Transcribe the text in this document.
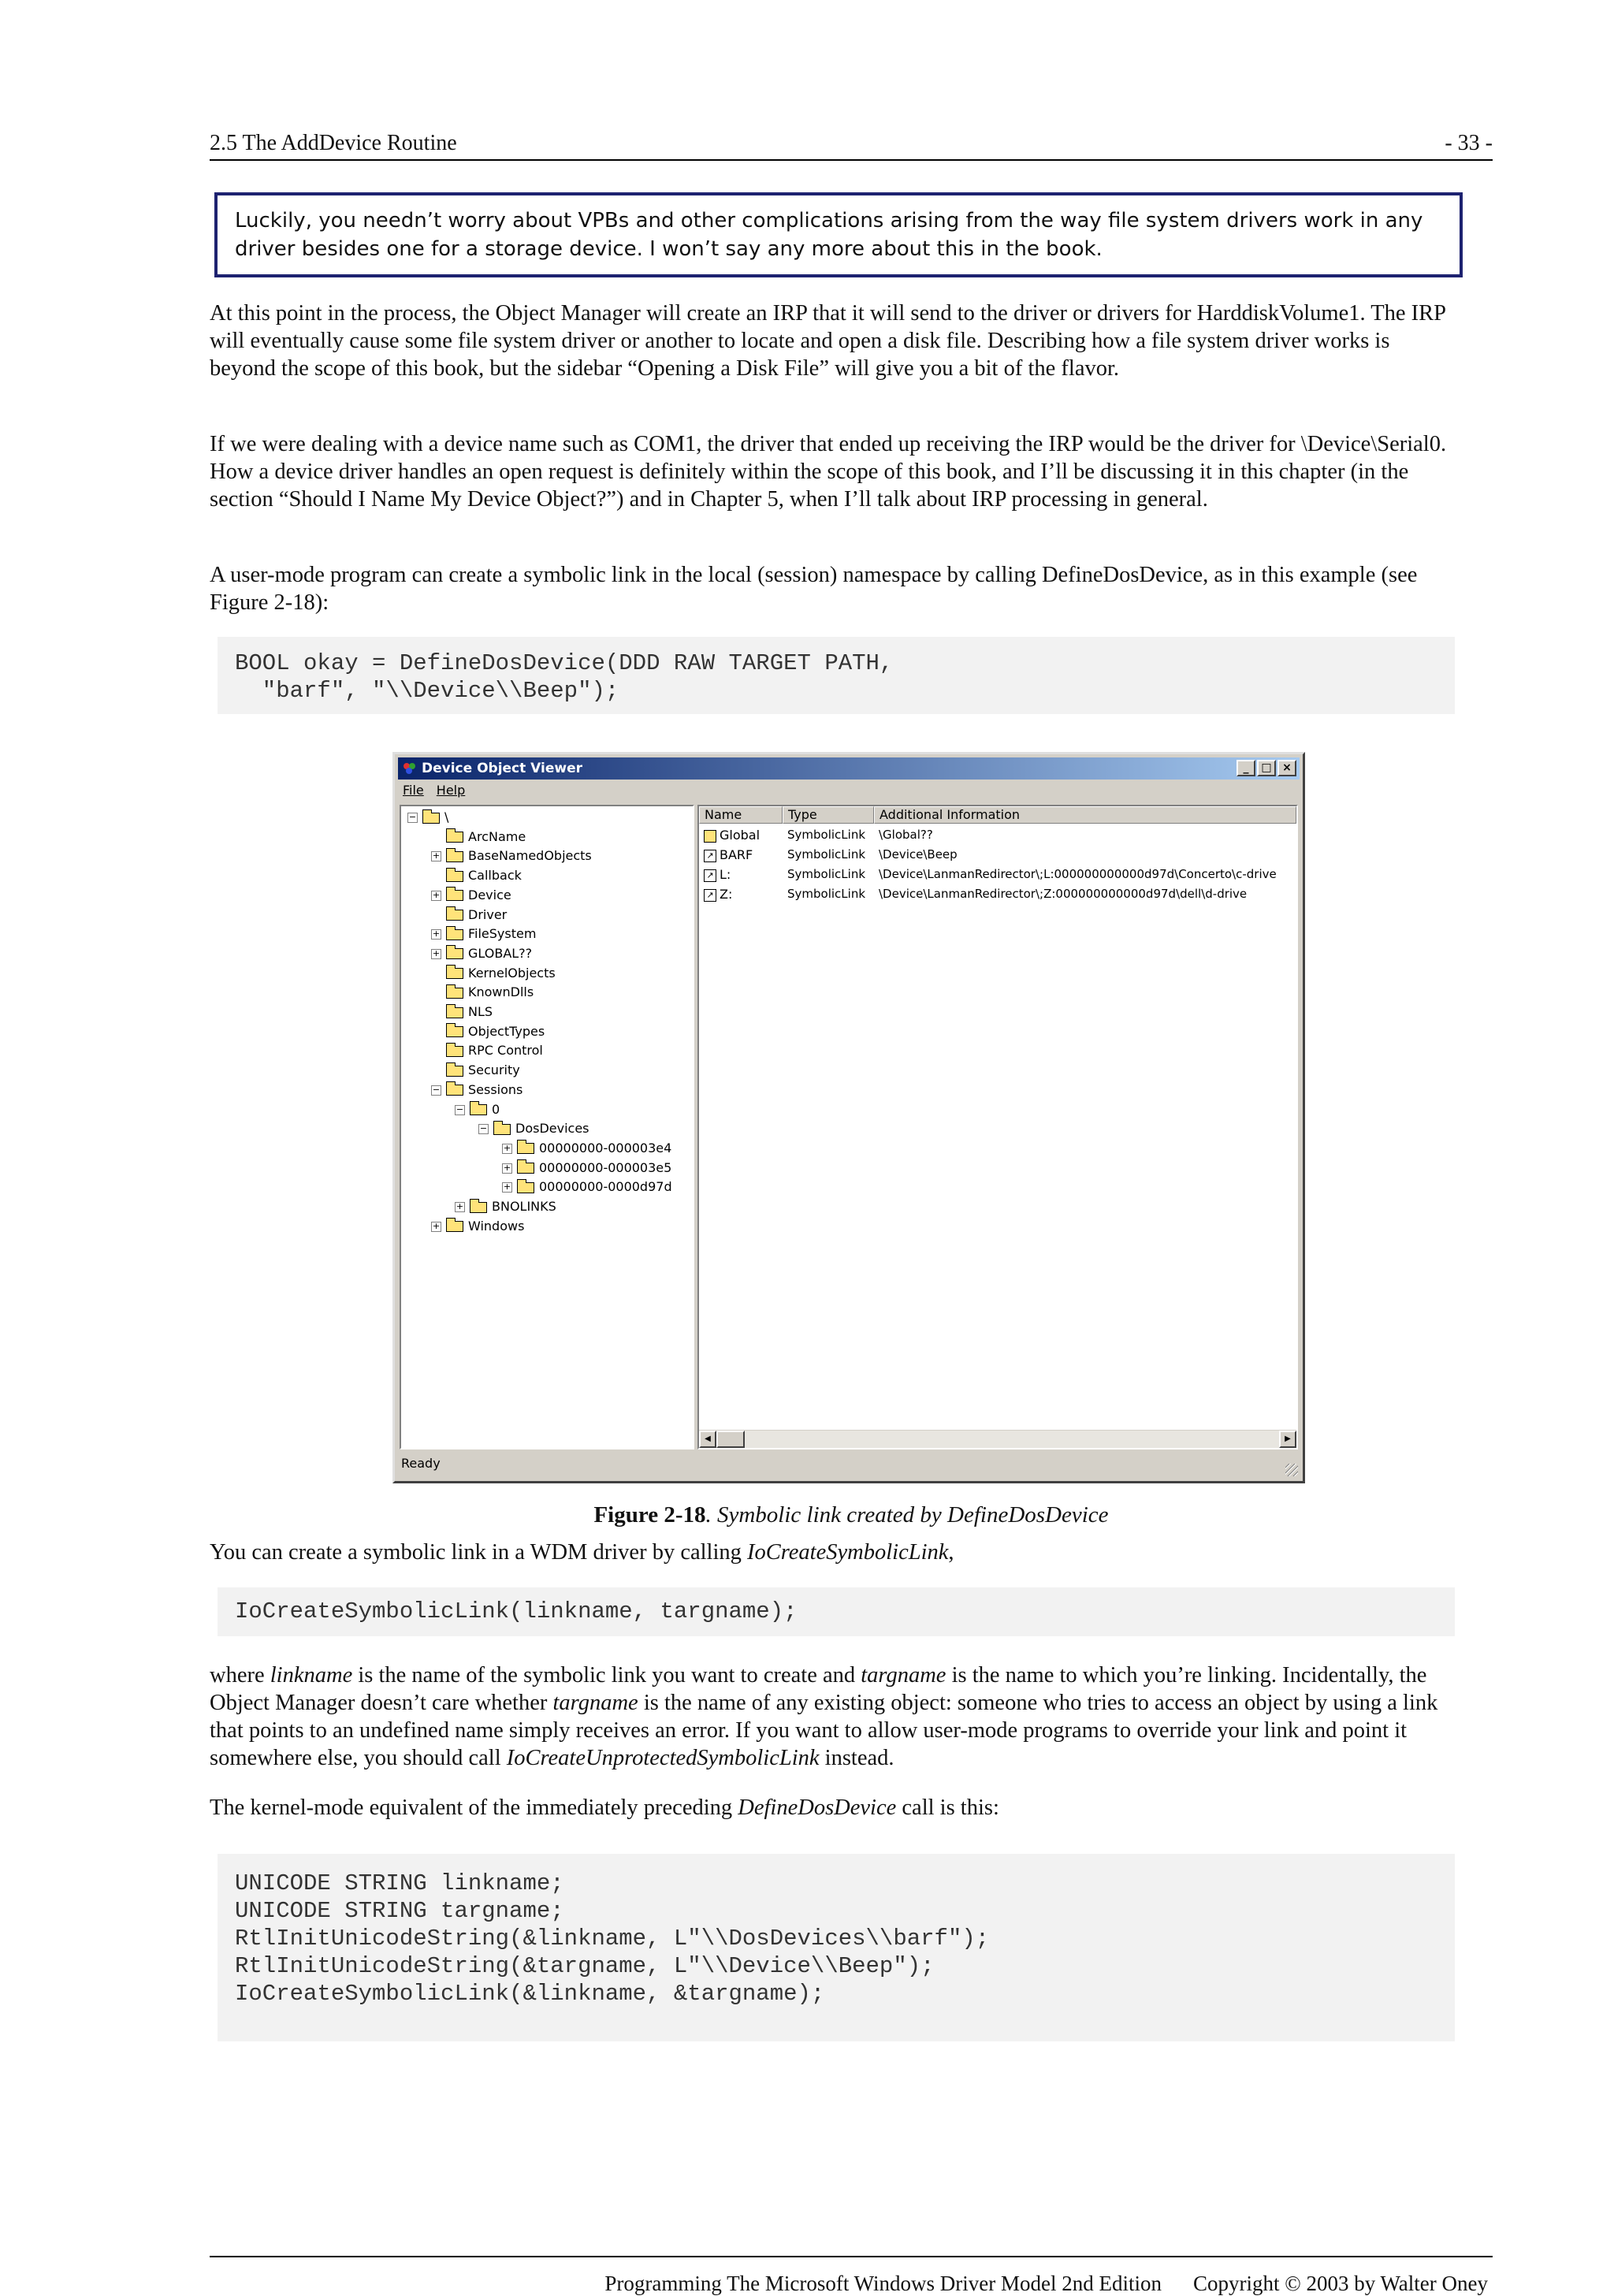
2.5 The AddDevice Routine	- 33 -
Luckily, you needn’t worry about VPBs and other complications arising from the way file system drivers work in any driver besides one for a storage device. I won’t say any more about this in the book.

At this point in the process, the Object Manager will create an IRP that it will send to the driver or drivers for HarddiskVolume1. The IRP will eventually cause some file system driver or another to locate and open a disk file. Describing how a file system driver works is beyond the scope of this book, but the sidebar “Opening a Disk File” will give you a bit of the flavor.

If we were dealing with a device name such as COM1, the driver that ended up receiving the IRP would be the driver for \Device\Serial0. How a device driver handles an open request is definitely within the scope of this book, and I’ll be discussing it in this chapter (in the section “Should I Name My Device Object?”) and in Chapter 5, when I’ll talk about IRP processing in general.

A user-mode program can create a symbolic link in the local (session) namespace by calling DefineDosDevice, as in this example (see Figure 2-18):

BOOL okay = DefineDosDevice(DDD RAW TARGET PATH,
"barf", "\\Device\\Beep");
Device Object Viewer	_	□ ×
File Help
− \
ArcName
+ BaseNamedObjects
Callback
+ Device
Driver
+ FileSystem
+ GLOBAL??
KernelObjects
KnownDlls
NLS
ObjectTypes
RPC Control
Security
− Sessions
− 0
− DosDevices
+ 00000000-000003e4
+ 00000000-000003e5
+ 00000000-0000d97d
+ BNOLINKS
+ Windows
Name	Type	Additional Information
Global	SymbolicLink	\Global??
↗ BARF	SymbolicLink	\Device\Beep
↗ L:	SymbolicLink	\Device\LanmanRedirector\;L:000000000000d97d\Concerto\c-drive
↗ Z:	SymbolicLink	\Device\LanmanRedirector\;Z:000000000000d97d\dell\d-drive
◀	▶
Ready
Figure 2-18. Symbolic link created by DefineDosDevice

You can create a symbolic link in a WDM driver by calling IoCreateSymbolicLink,

IoCreateSymbolicLink(linkname, targname);

where linkname is the name of the symbolic link you want to create and targname is the name to which you’re linking. Incidentally, the Object Manager doesn’t care whether targname is the name of any existing object: someone who tries to access an object by using a link that points to an undefined name simply receives an error. If you want to allow user-mode programs to override your link and point it somewhere else, you should call IoCreateUnprotectedSymbolicLink instead.

The kernel-mode equivalent of the immediately preceding DefineDosDevice call is this:

UNICODE STRING linkname;
UNICODE STRING targname;
RtlInitUnicodeString(&linkname, L"\\DosDevices\\barf");
RtlInitUnicodeString(&targname, L"\\Device\\Beep");
IoCreateSymbolicLink(&linkname, &targname);
Programming The Microsoft Windows Driver Model 2nd Edition Copyright © 2003 by Walter Oney
